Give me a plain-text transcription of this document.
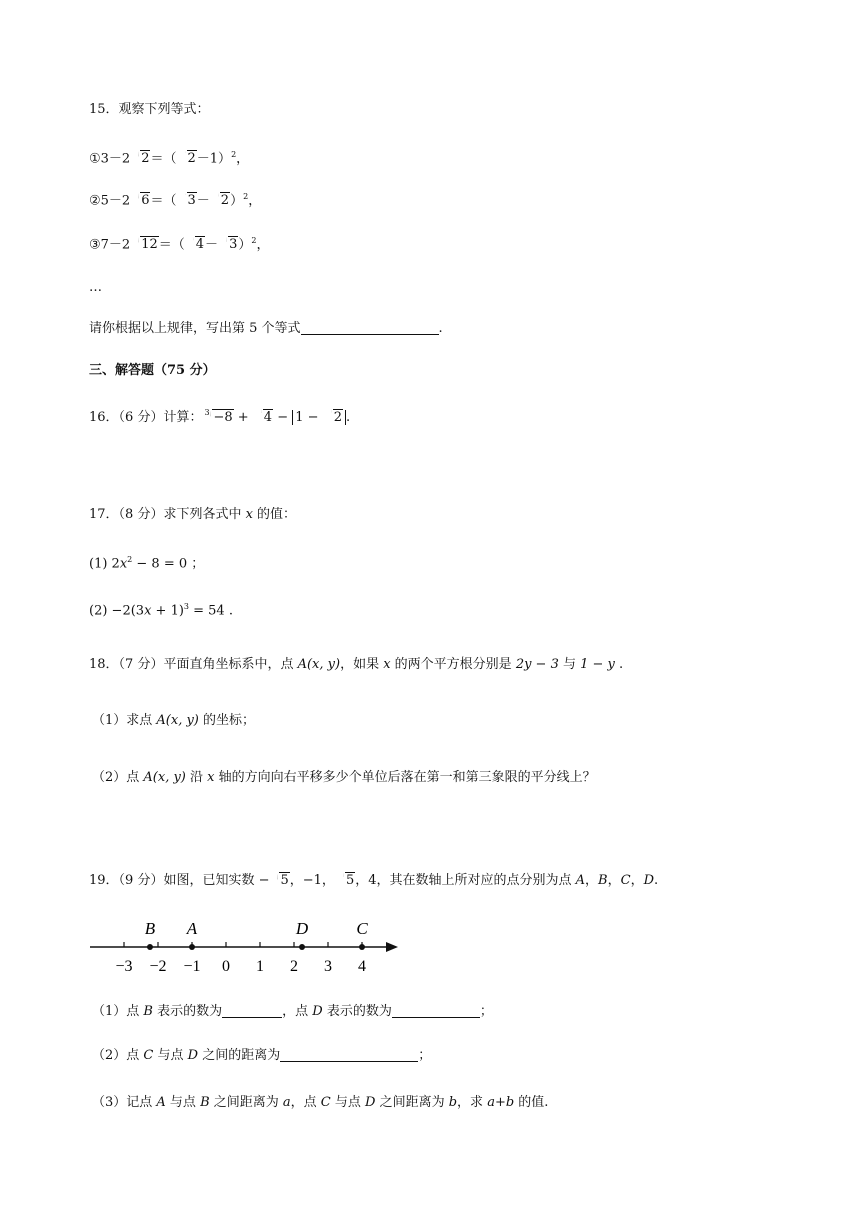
15．观察下列等式：
①3－2 2＝（ 2－1）$^2$，
②5－2 6＝（ 3－ 2）$^2$，
③7－2 12＝（ 4－ 3）$^2$，
…
请你根据以上规律，写出第 5 个等式	.
三、解答题（75 分）
16．（6 分）计算： 3 −8 + 4 − 1 − 2 .
17．（8 分）求下列各式中 x 的值：
(1) $2x^2 - 8 = 0$ ；
$(2) -2(3x + 1)^3 = 54$ .
18．（7 分）平面直角坐标系中，点 A(x, y)，如果 x 的两个平方根分别是 2y − 3 与 1 − y .
（1）求点 A(x, y) 的坐标；
（2）点 A(x, y) 沿 x 轴的方向向右平移多少个单位后落在第一和第三象限的平分线上？
19．（9 分）如图，已知实数 − 5，−1， 5，4，其在数轴上所对应的点分别为点 A，B，C，D.
−3 −2 −1 0 1 2 3 4
B A	D	C
（1）点 B 表示的数为	，点 D 表示的数为	；
（2）点 C 与点 D 之间的距离为	；
（3）记点 A 与点 B 之间距离为 a，点 C 与点 D 之间距离为 b，求 a+b 的值.
